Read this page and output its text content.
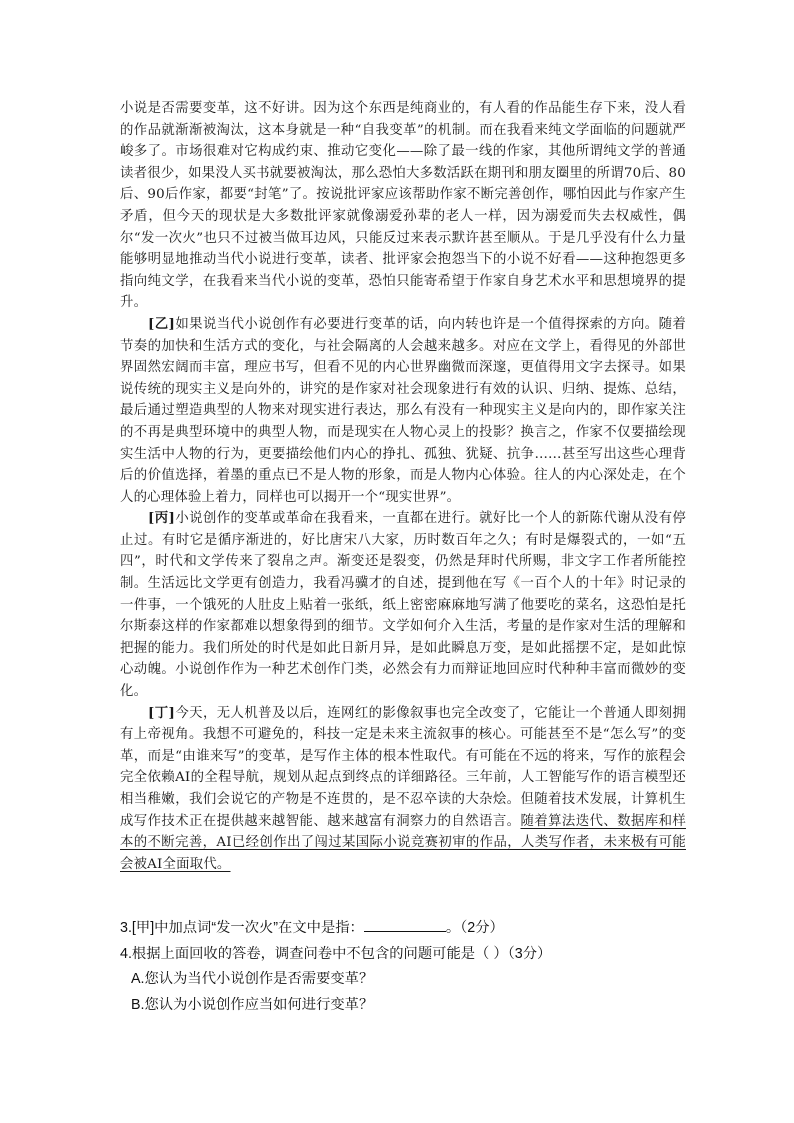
小说是否需要变革，这不好讲。因为这个东西是纯商业的，有人看的作品能生存下来，没人看的作品就渐渐被淘汰，这本身就是一种“自我变革”的机制。而在我看来纯文学面临的问题就严峻多了。市场很难对它构成约束、推动它变化——除了最一线的作家，其他所谓纯文学的普通读者很少，如果没人买书就要被淘汰，那么恐怕大多数活跃在期刊和朋友圈里的所谓70后、80后、90后作家，都要“封笔”了。按说批评家应该帮助作家不断完善创作，哪怕因此与作家产生矛盾，但今天的现状是大多数批评家就像溺爱孙辈的老人一样，因为溺爱而失去权威性，偶尔“发一次火”也只不过被当做耳边风，只能反过来表示默许甚至顺从。于是几乎没有什么力量能够明显地推动当代小说进行变革，读者、批评家会抱怨当下的小说不好看——这种抱怨更多指向纯文学，在我看来当代小说的变革，恐怕只能寄希望于作家自身艺术水平和思想境界的提升。

[乙]如果说当代小说创作有必要进行变革的话，向内转也许是一个值得探索的方向。随着节奏的加快和生活方式的变化，与社会隔离的人会越来越多。对应在文学上，看得见的外部世界固然宏阔而丰富，理应书写，但看不见的内心世界幽微而深邃，更值得用文字去探寻。如果说传统的现实主义是向外的，讲究的是作家对社会现象进行有效的认识、归纳、提炼、总结，最后通过塑造典型的人物来对现实进行表达，那么有没有一种现实主义是向内的，即作家关注的不再是典型环境中的典型人物，而是现实在人物心灵上的投影？换言之，作家不仅要描绘现实生活中人物的行为，更要描绘他们内心的挣扎、孤独、犹疑、抗争……甚至写出这些心理背后的价值选择，着墨的重点已不是人物的形象，而是人物内心体验。往人的内心深处走，在个人的心理体验上着力，同样也可以揭开一个“现实世界”。

[丙]小说创作的变革或革命在我看来，一直都在进行。就好比一个人的新陈代谢从没有停止过。有时它是循序渐进的，好比唐宋八大家，历时数百年之久；有时是爆裂式的，一如“五四”，时代和文学传来了裂帛之声。渐变还是裂变，仍然是拜时代所赐，非文字工作者所能控制。生活远比文学更有创造力，我看冯骥才的自述，提到他在写《一百个人的十年》时记录的一件事，一个饿死的人肚皮上贴着一张纸，纸上密密麻麻地写满了他要吃的菜名，这恐怕是托尔斯泰这样的作家都难以想象得到的细节。文学如何介入生活，考量的是作家对生活的理解和把握的能力。我们所处的时代是如此日新月异，是如此瞬息万变，是如此摇摆不定，是如此惊心动魄。小说创作作为一种艺术创作门类，必然会有力而辩证地回应时代种种丰富而微妙的变化。

[丁]今天，无人机普及以后，连网红的影像叙事也完全改变了，它能让一个普通人即刻拥有上帝视角。我想不可避免的，科技一定是未来主流叙事的核心。可能甚至不是“怎么写”的变革，而是“由谁来写”的变革，是写作主体的根本性取代。有可能在不远的将来，写作的旅程会完全依赖AI的全程导航，规划从起点到终点的详细路径。三年前，人工智能写作的语言模型还相当稚嫩，我们会说它的产物是不连贯的，是不忍卒读的大杂烩。但随着技术发展，计算机生成写作技术正在提供越来越智能、越来越富有洞察力的自然语言。随着算法迭代、数据库和样本的不断完善，AI已经创作出了闯过某国际小说竞赛初审的作品，人类写作者，未来极有可能会被AI全面取代。

3.[甲]中加点词“发一次火”在文中是指：	。（2分）

4.根据上面回收的答卷，调查问卷中不包含的问题可能是（ ）（3分）

A.您认为当代小说创作是否需要变革？

B.您认为小说创作应当如何进行变革？
